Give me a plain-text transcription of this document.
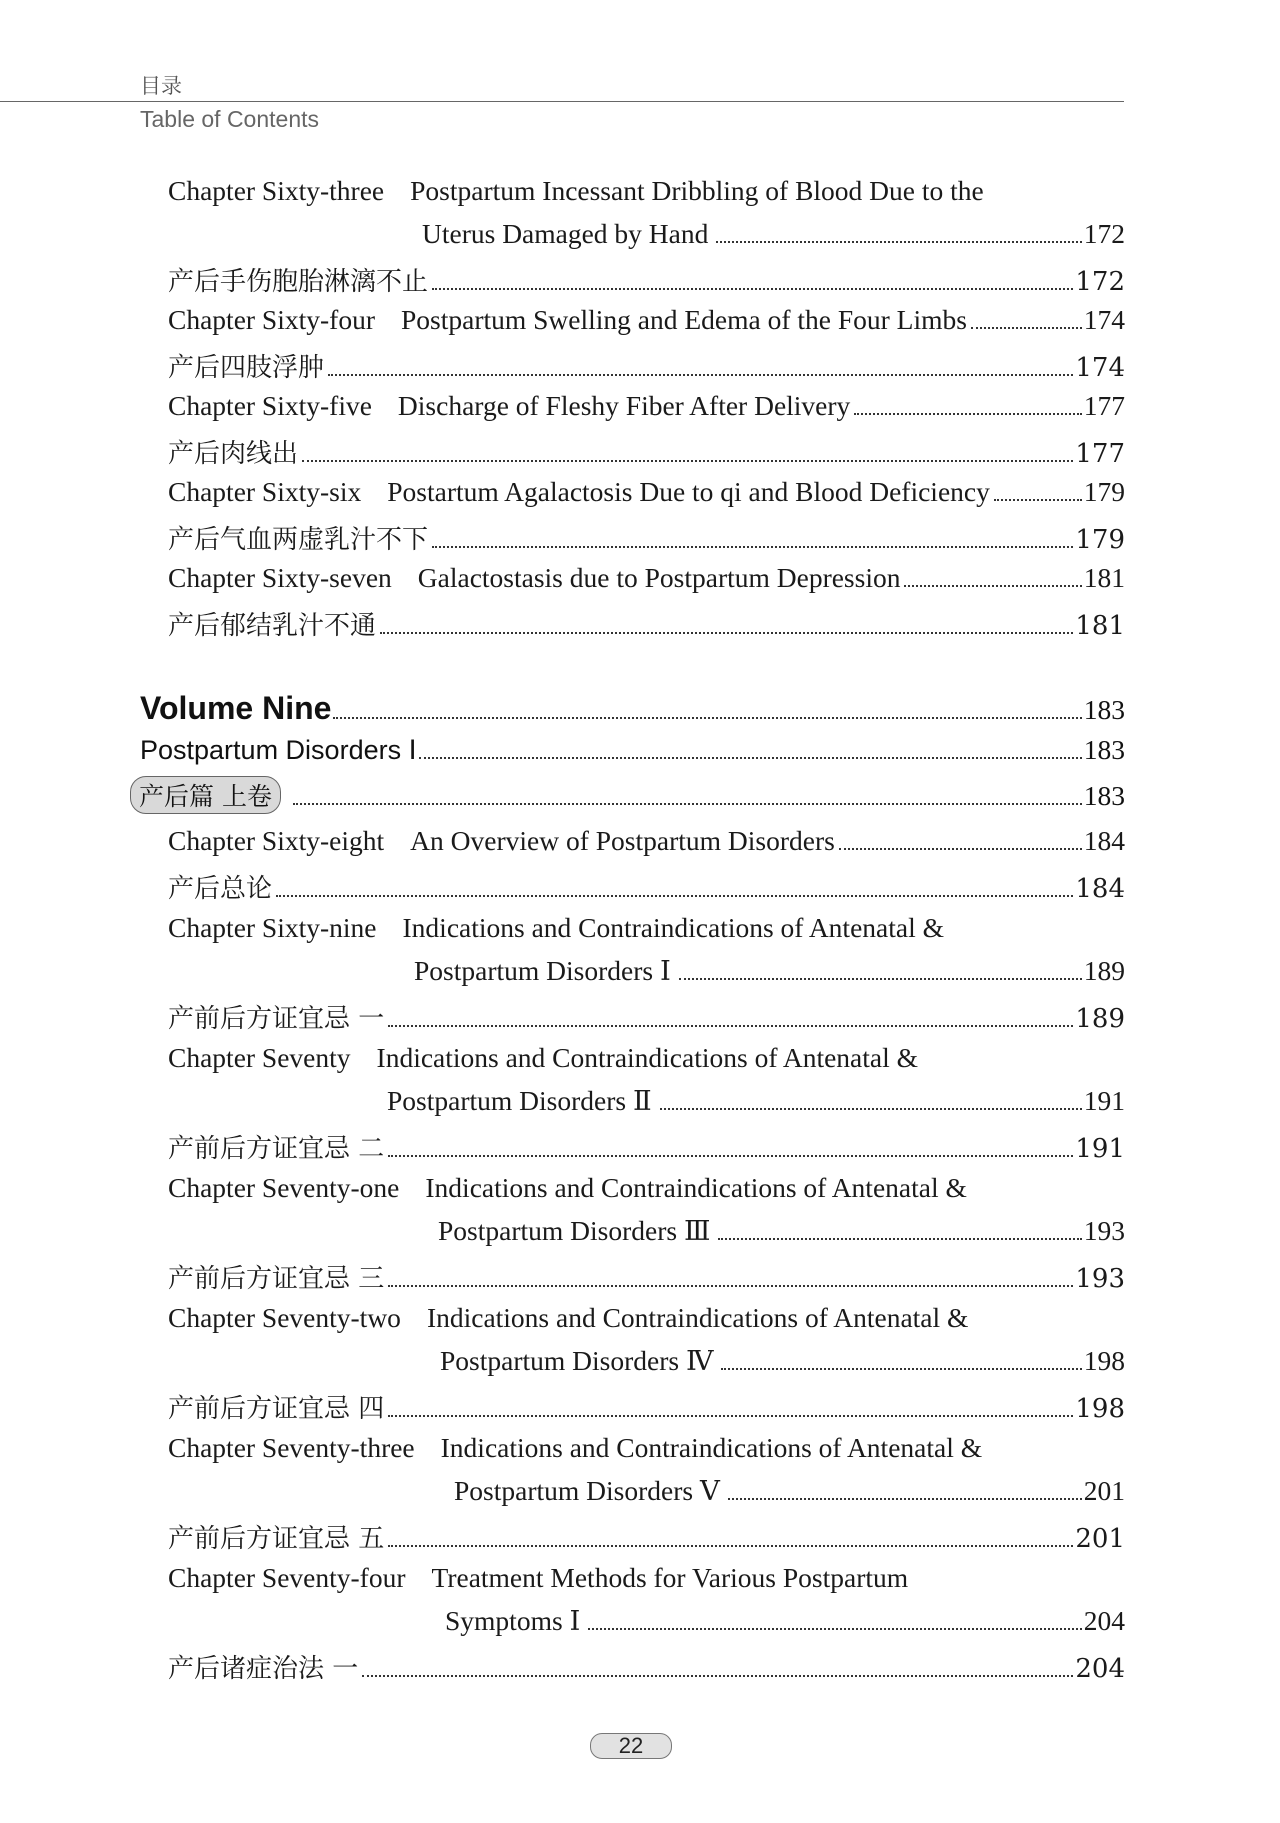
目录
Table of Contents
Chapter Sixty-three Postpartum Incessant Dribbling of Blood Due to the
Uterus Damaged by Hand	172
产后手伤胞胎淋漓不止	172
Chapter Sixty-four Postpartum Swelling and Edema of the Four Limbs	174
产后四肢浮肿	174
Chapter Sixty-five Discharge of Fleshy Fiber After Delivery	177
产后肉线出	177
Chapter Sixty-six Postartum Agalactosis Due to qi and Blood Deficiency	179
产后气血两虚乳汁不下	179
Chapter Sixty-seven Galactostasis due to Postpartum Depression	181
产后郁结乳汁不通	181
Volume Nine	183
Postpartum Disorders Ⅰ	183
产后篇 上卷	183
Chapter Sixty-eight An Overview of Postpartum Disorders	184
产后总论	184
Chapter Sixty-nine Indications and Contraindications of Antenatal &
Postpartum Disorders Ⅰ	189
产前后方证宜忌 一	189
Chapter Seventy Indications and Contraindications of Antenatal &
Postpartum Disorders Ⅱ	191
产前后方证宜忌 二	191
Chapter Seventy-one Indications and Contraindications of Antenatal &
Postpartum Disorders Ⅲ	193
产前后方证宜忌 三	193
Chapter Seventy-two Indications and Contraindications of Antenatal &
Postpartum Disorders Ⅳ	198
产前后方证宜忌 四	198
Chapter Seventy-three Indications and Contraindications of Antenatal &
Postpartum Disorders Ⅴ	201
产前后方证宜忌 五	201
Chapter Seventy-four Treatment Methods for Various Postpartum
Symptoms Ⅰ	204
产后诸症治法 一	204
22
